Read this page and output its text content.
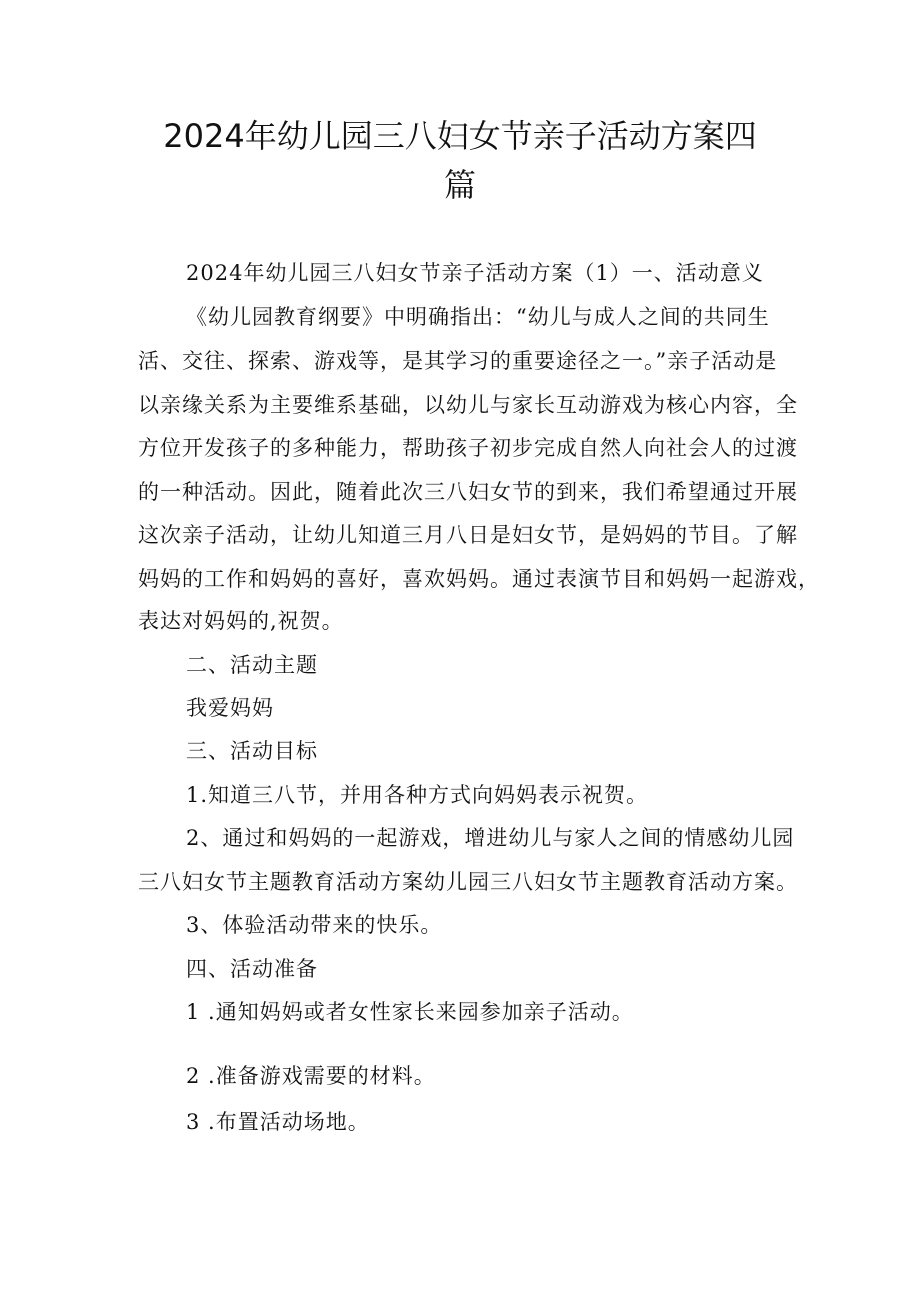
2024年幼儿园三八妇女节亲子活动方案四
篇
2024年幼儿园三八妇女节亲子活动方案（1）一、活动意义
《幼儿园教育纲要》中明确指出：“幼儿与成人之间的共同生
活、交往、探索、游戏等，是其学习的重要途径之一。”亲子活动是
以亲缘关系为主要维系基础，以幼儿与家长互动游戏为核心内容，全
方位开发孩子的多种能力，帮助孩子初步完成自然人向社会人的过渡
的一种活动。因此，随着此次三八妇女节的到来，我们希望通过开展
这次亲子活动，让幼儿知道三月八日是妇女节，是妈妈的节目。了解
妈妈的工作和妈妈的喜好，喜欢妈妈。通过表演节目和妈妈一起游戏，
表达对妈妈的,祝贺。
二、活动主题
我爱妈妈
三、活动目标
1.知道三八节，并用各种方式向妈妈表示祝贺。
2、通过和妈妈的一起游戏，增进幼儿与家人之间的情感幼儿园
三八妇女节主题教育活动方案幼儿园三八妇女节主题教育活动方案。
3、体验活动带来的快乐。
四、活动准备
1 .通知妈妈或者女性家长来园参加亲子活动。
2 .准备游戏需要的材料。
3 .布置活动场地。
